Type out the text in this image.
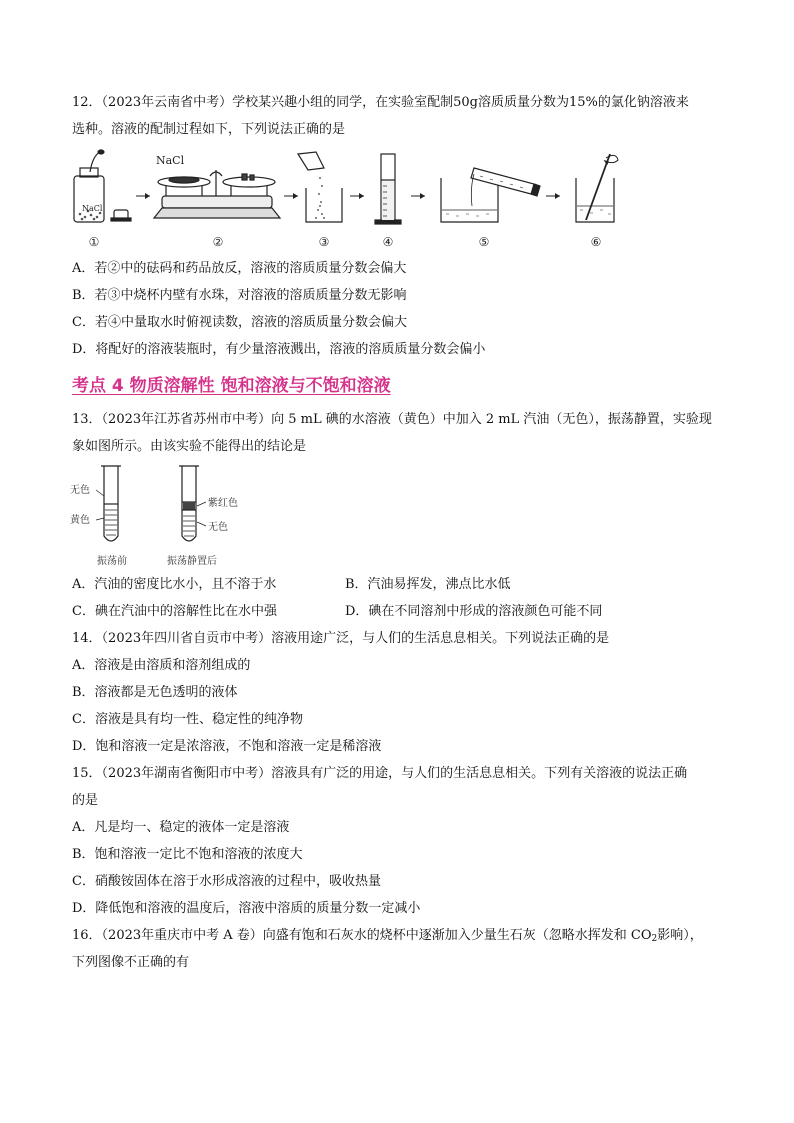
12．（2023年云南省中考）学校某兴趣小组的同学，在实验室配制50g溶质质量分数为15%的氯化钠溶液来
选种。溶液的配制过程如下，下列说法正确的是
NaCl
NaCl
①	②	③	④	⑤	⑥
A．若②中的砝码和药品放反，溶液的溶质质量分数会偏大
B．若③中烧杯内壁有水珠，对溶液的溶质质量分数无影响
C．若④中量取水时俯视读数，溶液的溶质质量分数会偏大
D．将配好的溶液装瓶时，有少量溶液溅出，溶液的溶质质量分数会偏小
考点 4 物质溶解性 饱和溶液与不饱和溶液
13．（2023年江苏省苏州市中考）向 5 mL 碘的水溶液（黄色）中加入 2 mL 汽油（无色），振荡静置，实验现
象如图所示。由该实验不能得出的结论是
无色
黄色
振荡前
紫红色
无色
振荡静置后
A．汽油的密度比水小，且不溶于水	B．汽油易挥发，沸点比水低
C．碘在汽油中的溶解性比在水中强	D．碘在不同溶剂中形成的溶液颜色可能不同
14．（2023年四川省自贡市中考）溶液用途广泛，与人们的生活息息相关。下列说法正确的是
A．溶液是由溶质和溶剂组成的
B．溶液都是无色透明的液体
C．溶液是具有均一性、稳定性的纯净物
D．饱和溶液一定是浓溶液，不饱和溶液一定是稀溶液
15．（2023年湖南省衡阳市中考）溶液具有广泛的用途，与人们的生活息息相关。下列有关溶液的说法正确
的是
A．凡是均一、稳定的液体一定是溶液
B．饱和溶液一定比不饱和溶液的浓度大
C．硝酸铵固体在溶于水形成溶液的过程中，吸收热量
D．降低饱和溶液的温度后，溶液中溶质的质量分数一定减小
16．（2023年重庆市中考 A 卷）向盛有饱和石灰水的烧杯中逐渐加入少量生石灰（忽略水挥发和 $CO_2$影响），
下列图像不正确的有
